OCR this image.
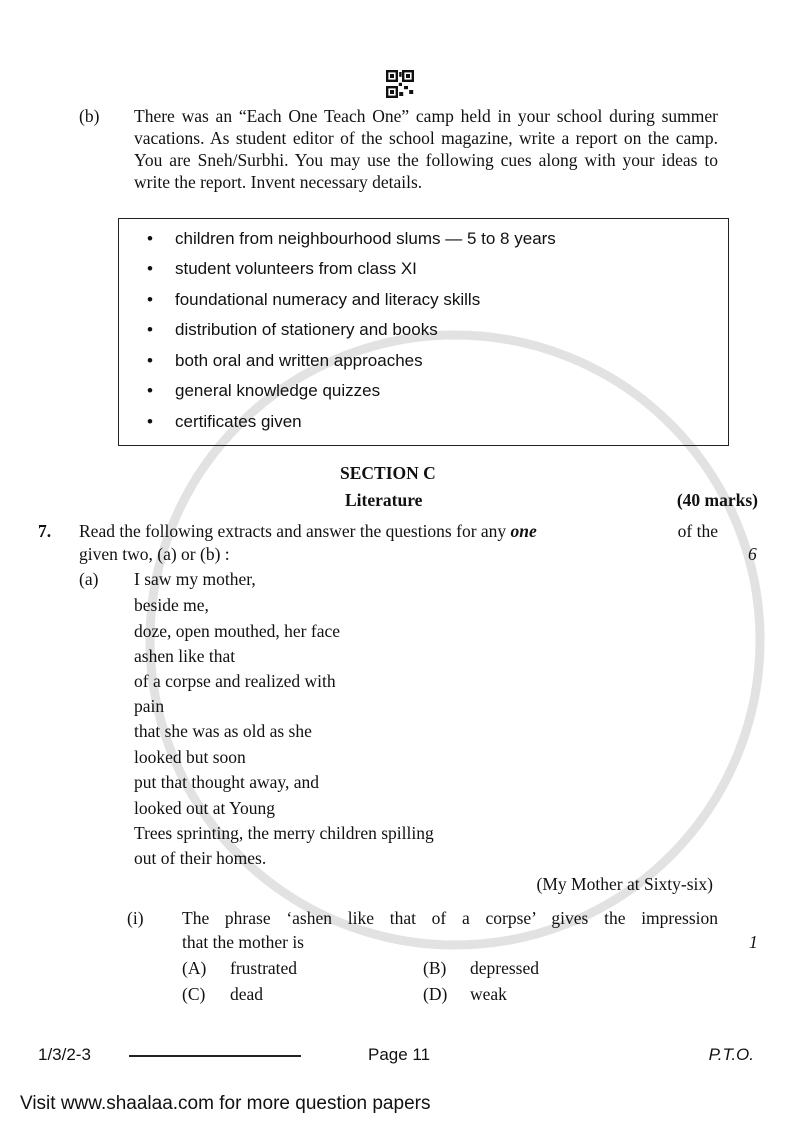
(b) There was an “Each One Teach One” camp held in your school during summer vacations. As student editor of the school magazine, write a report on the camp. You are Sneh/Surbhi. You may use the following cues along with your ideas to write the report. Invent necessary details.
• children from neighbourhood slums — 5 to 8 years
• student volunteers from class XI
• foundational numeracy and literacy skills
• distribution of stationery and books
• both oral and written approaches
• general knowledge quizzes
• certificates given
SECTION C
Literature	(40 marks)
7. Read the following extracts and answer the questions for any one	of the
given two, (a) or (b) :	6
(a) I saw my mother,
beside me,
doze, open mouthed, her face
ashen like that
of a corpse and realized with
pain
that she was as old as she
looked but soon
put that thought away, and
looked out at Young
Trees sprinting, the merry children spilling
out of their homes.
(My Mother at Sixty-six)
(i) The phrase ‘ashen like that of a corpse’ gives the impression
that the mother is	1
(A) frustrated	(B) depressed
(C) dead	(D) weak
1/3/2-3	Page 11	P.T.O.
Visit www.shaalaa.com for more question papers
